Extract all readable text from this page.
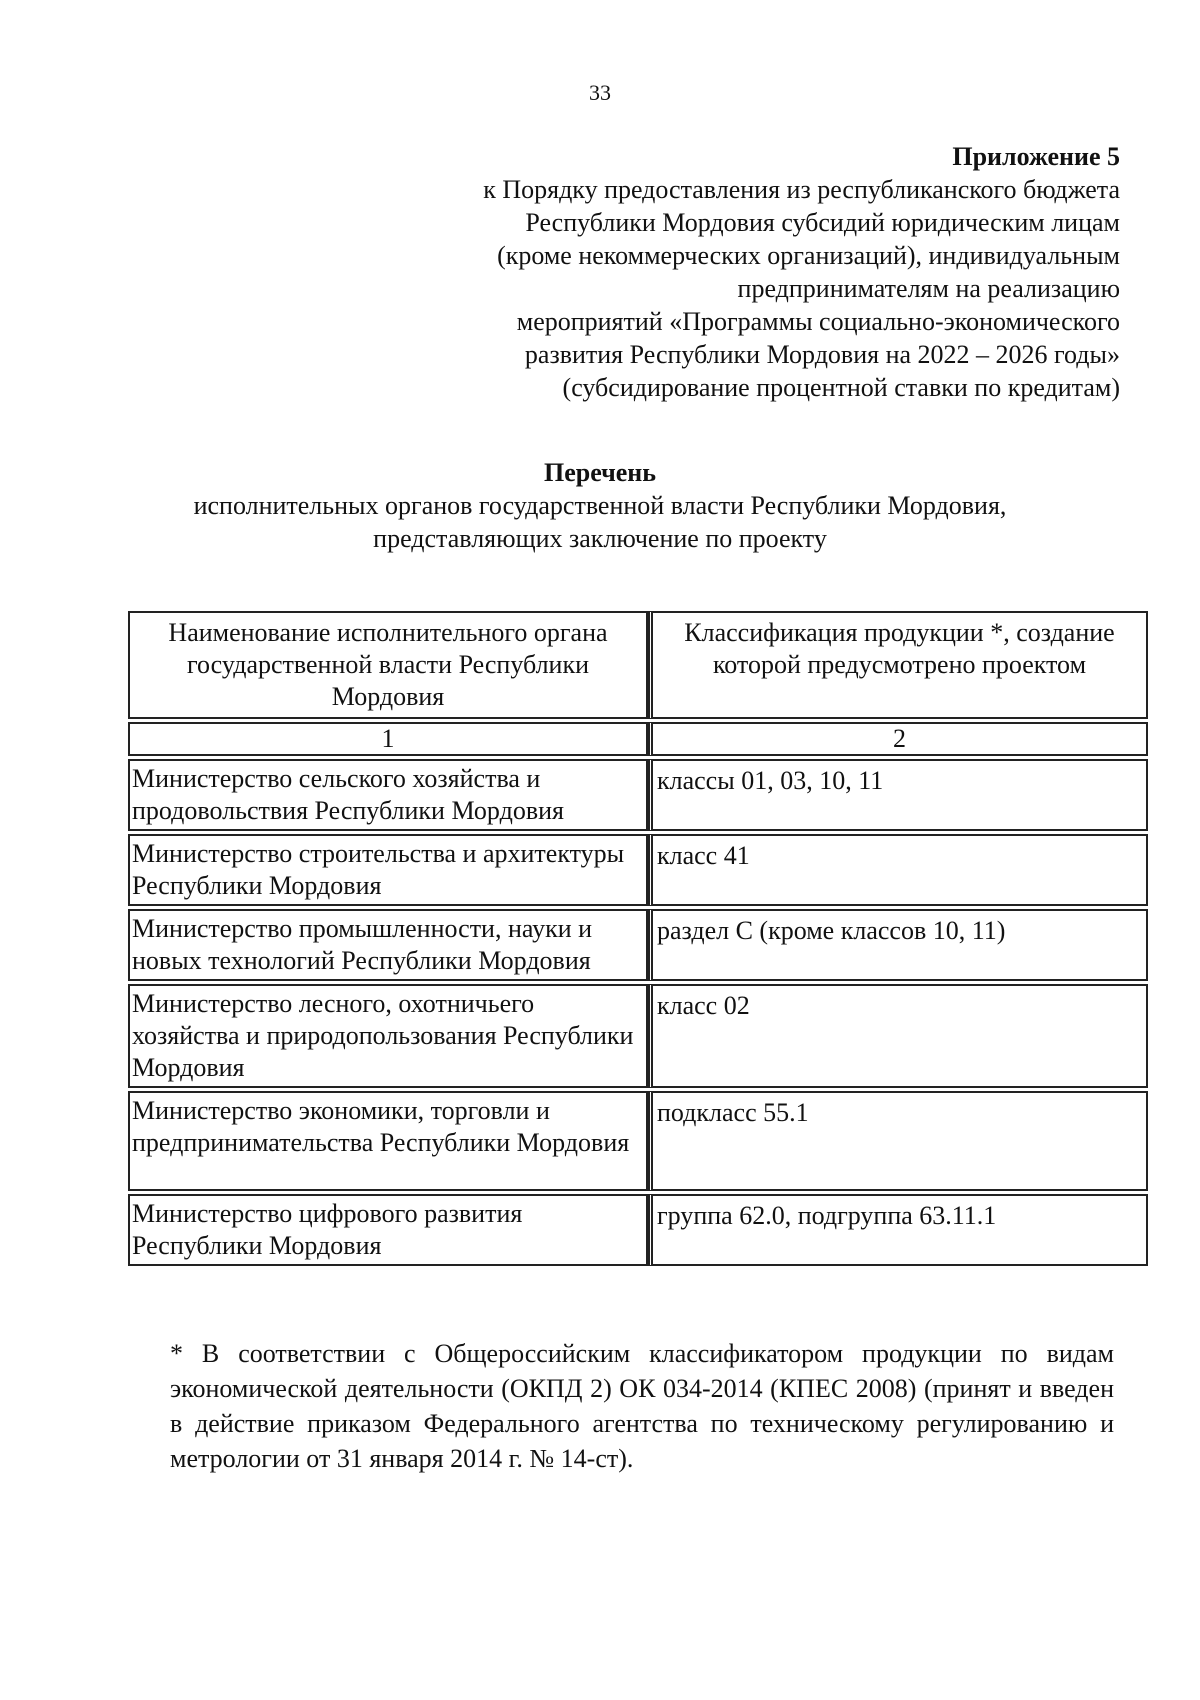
33
Приложение 5
к Порядку предоставления из республиканского бюджета
Республики Мордовия субсидий юридическим лицам
(кроме некоммерческих организаций), индивидуальным
предпринимателям на реализацию
мероприятий «Программы социально-экономического
развития Республики Мордовия на 2022 – 2026 годы»
(субсидирование процентной ставки по кредитам)
Перечень
исполнительных органов государственной власти Республики Мордовия,
представляющих заключение по проекту
Наименование исполнительного органа государственной власти Республики Мордовия	Классификация продукции *, создание которой предусмотрено проектом
1	2
Министерство сельского хозяйства и продовольствия Республики Мордовия	классы 01, 03, 10, 11
Министерство строительства и архитектуры Республики Мордовия	класс 41
Министерство промышленности, науки и новых технологий Республики Мордовия	раздел С (кроме классов 10, 11)
Министерство лесного, охотничьего хозяйства и природопользования Республики Мордовия	класс 02
Министерство экономики, торговли и предпринимательства Республики Мордовия	подкласс 55.1
Министерство цифрового развития Республики Мордовия	группа 62.0, подгруппа 63.11.1
* В соответствии с Общероссийским классификатором продукции по видам экономической деятельности (ОКПД 2) ОК 034-2014 (КПЕС 2008) (принят и введен в действие приказом Федерального агентства по техническому регулированию и метрологии от 31 января 2014 г. № 14-ст).
